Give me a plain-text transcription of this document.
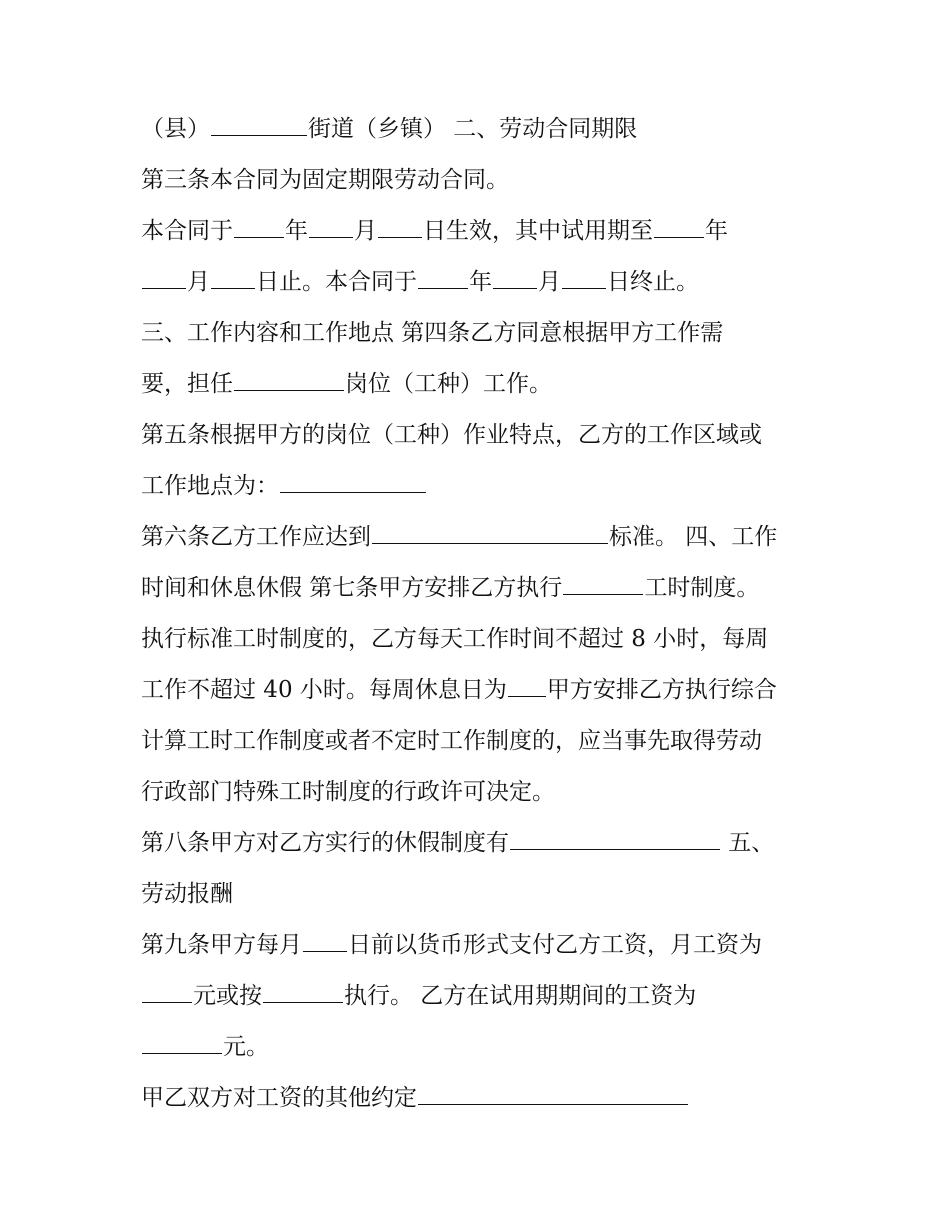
（县）	街道（乡镇） 二、劳动合同期限
第三条本合同为固定期限劳动合同。
本合同于 年 月 日生效，其中试用期至 年
月 日止。本合同于 年 月 日终止。
三、工作内容和工作地点 第四条乙方同意根据甲方工作需
要，担任	岗位（工种）工作。
第五条根据甲方的岗位（工种）作业特点，乙方的工作区域或
工作地点为：
第六条乙方工作应达到	标准。 四、工作
时间和休息休假 第七条甲方安排乙方执行	工时制度。
执行标准工时制度的，乙方每天工作时间不超过 8 小时，每周
工作不超过 40 小时。每周休息日为 甲方安排乙方执行综合
计算工时工作制度或者不定时工作制度的，应当事先取得劳动
行政部门特殊工时制度的行政许可决定。
第八条甲方对乙方实行的休假制度有	五、
劳动报酬
第九条甲方每月 日前以货币形式支付乙方工资，月工资为
元或按	执行。 乙方在试用期期间的工资为
元。
甲乙双方对工资的其他约定
